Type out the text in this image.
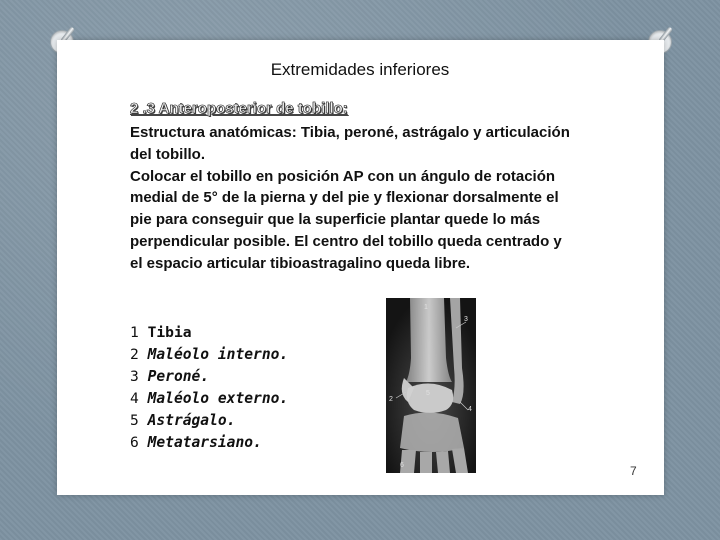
Extremidades inferiores
2 .3 Anteroposterior de tobillo:

Estructura anatómicas: Tibia, peroné, astrágalo y articulación del tobillo.

Colocar el tobillo en posición AP con un ángulo de rotación medial de 5° de la pierna y del pie y flexionar dorsalmente el pie para conseguir que la superficie plantar quede lo más perpendicular posible. El centro del tobillo queda centrado y el espacio articular tibioastragalino queda libre.

1 Tibia
2 Maléolo interno.
3 Peroné.
4 Maléolo externo.
5 Astrágalo.
6 Metatarsiano.
1
3
2
5
4
6	7
